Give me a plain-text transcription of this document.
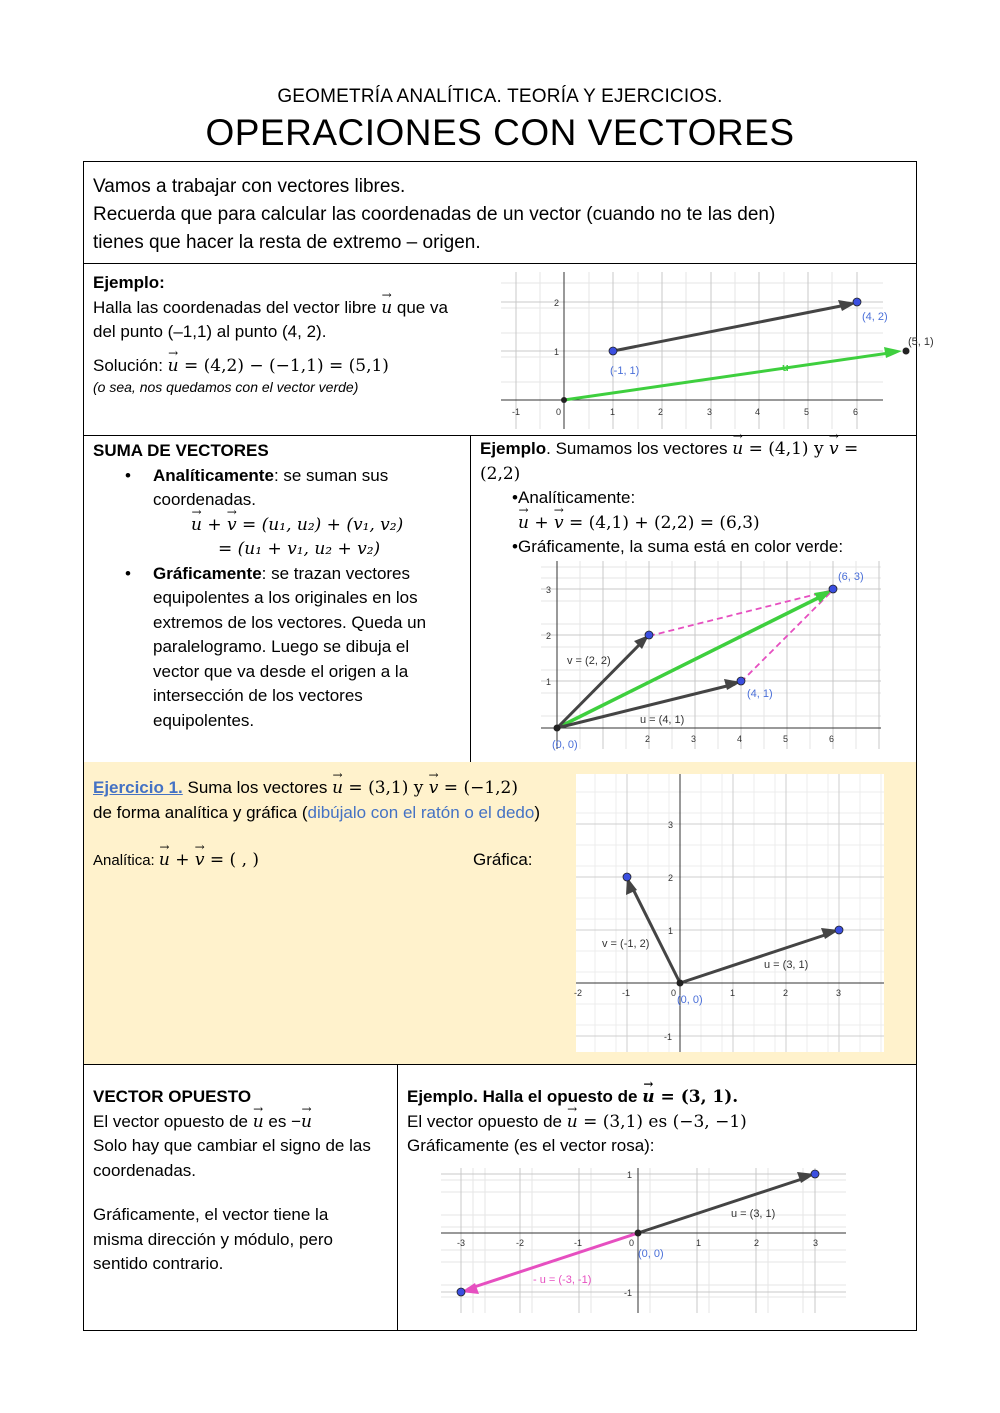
GEOMETRÍA ANALÍTICA. TEORÍA Y EJERCICIOS.
OPERACIONES CON VECTORES
Vamos a trabajar con vectores libres.
Recuerda que para calcular las coordenadas de un vector (cuando no te las den)
tienes que hacer la resta de extremo – origen.
Ejemplo:
Halla las coordenadas del vector libre → u que va
del punto (–1,1) al punto (4, 2).
Solución: → u = (4,2) − (−1,1) = (5,1)
(o sea, nos quedamos con el vector verde)
-1	0	1	2	3	4	5	6
1
2
(4, 2)
(5, 1)
(-1, 1)	u
SUMA DE VECTORES
• Analíticamente: se suman sus
coordenadas.
→ u + → v = (u₁, u₂) + (v₁, v₂)
= (u₁ + v₁, u₂ + v₂)
• Gráficamente: se trazan vectores
equipolentes a los originales en los
extremos de los vectores. Queda un
paralelogramo. Luego se dibuja el
vector que va desde el origen a la
intersección de los vectores
equipolentes.
Ejemplo. Sumamos los vectores → u = (4,1) y → v =
(2,2)
• Analíticamente:
→ u + → v = (4,1) + (2,2) = (6,3)
• Gráficamente, la suma está en color verde:
2	3	4	5	6
1
2
3
(6, 3)
v = (2, 2)
(4, 1)
u = (4, 1)
(0, 0)
Ejercicio 1. Suma los vectores → u = (3,1) y → v = (−1,2)
de forma analítica y gráfica (dibújalo con el ratón o el dedo)
Analítica: → u + → v = ( , )	Gráfica:
-2	-1	0	1	2	3
3
2
1
-1
v = (-1, 2)
u = (3, 1)
(0, 0)
VECTOR OPUESTO
El vector opuesto de → u es −→ u
Solo hay que cambiar el signo de las
coordenadas.
Gráficamente, el vector tiene la
misma dirección y módulo, pero
sentido contrario.
Ejemplo. Halla el opuesto de → u = (3, 1).
El vector opuesto de → u = (3,1) es (−3, −1)
Gráficamente (es el vector rosa):
-3	-2	-1	0	1	2	3
1
-1
u = (3, 1)
(0, 0)
- u = (-3, -1)
